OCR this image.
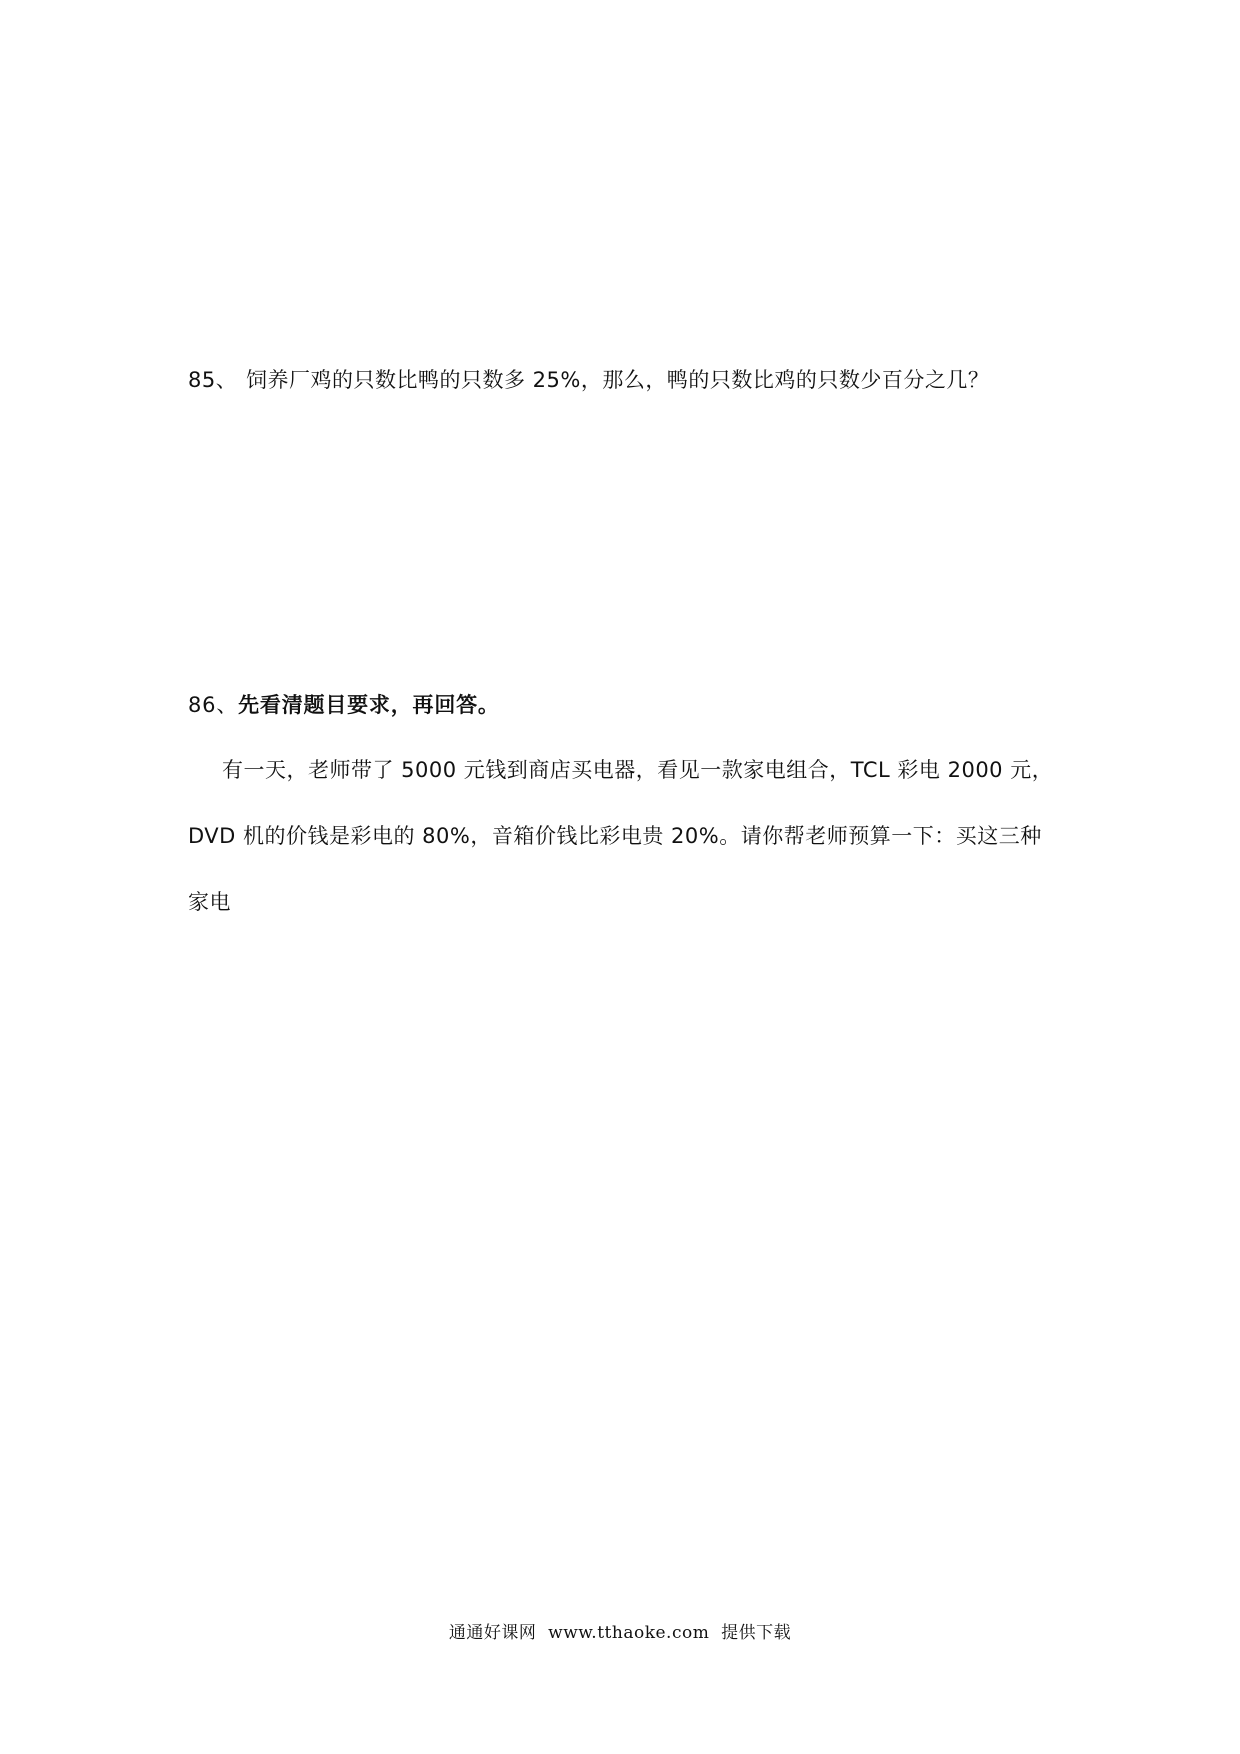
85、 饲养厂鸡的只数比鸭的只数多 25%，那么，鸭的只数比鸡的只数少百分之几？
86、先看清题目要求，再回答。
有一天，老师带了 5000 元钱到商店买电器，看见一款家电组合，TCL 彩电 2000 元，
DVD 机的价钱是彩电的 80%，音箱价钱比彩电贵 20%。请你帮老师预算一下：买这三种
家电
通通好课网  www.tthaoke.com  提供下载
